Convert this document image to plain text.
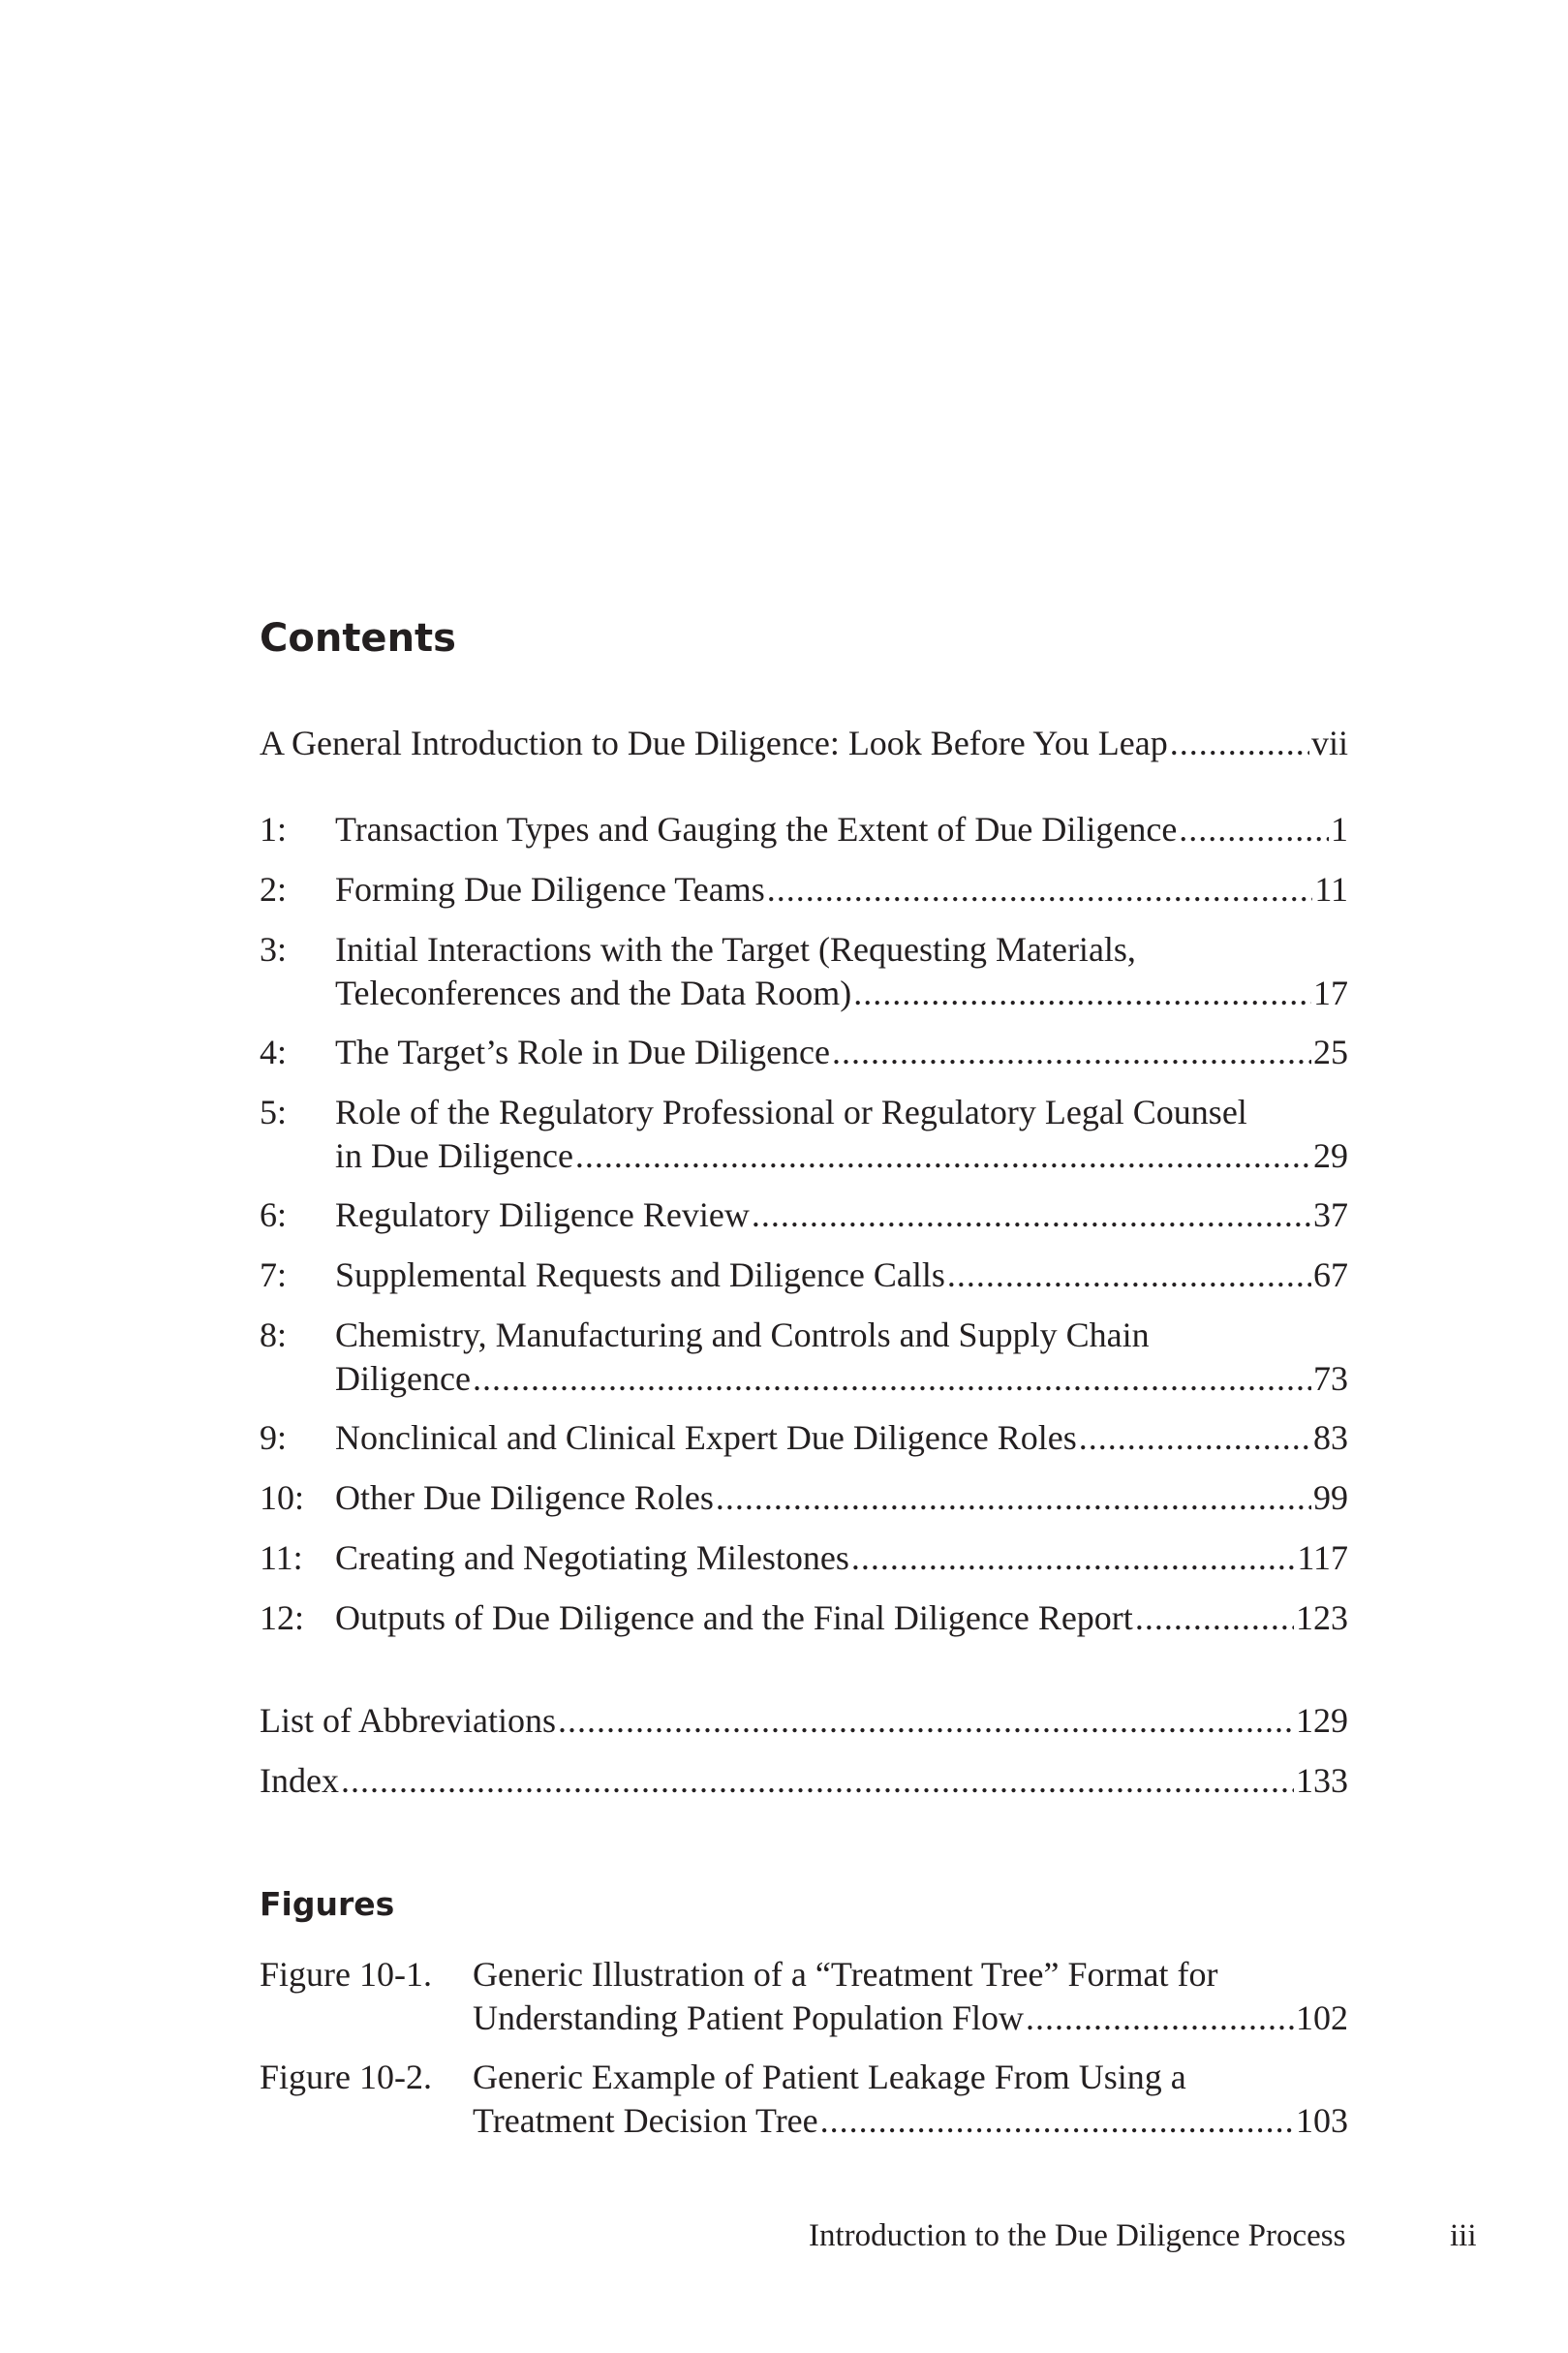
Contents
A General Introduction to Due Diligence: Look Before You Leap .....	vii
1:	Transaction Types and Gauging the Extent of Due Diligence .....	1
2:	Forming Due Diligence Teams .....	11
3:	Initial Interactions with the Target (Requesting Materials,
Teleconferences and the Data Room) .....	17
4:	The Target’s Role in Due Diligence .....	25
5:	Role of the Regulatory Professional or Regulatory Legal Counsel
in Due Diligence .....	29
6:	Regulatory Diligence Review .....	37
7:	Supplemental Requests and Diligence Calls .....	67
8:	Chemistry, Manufacturing and Controls and Supply Chain
Diligence .....	73
9:	Nonclinical and Clinical Expert Due Diligence Roles .....	83
10: Other Due Diligence Roles .....	99
11: Creating and Negotiating Milestones .....	117
12: Outputs of Due Diligence and the Final Diligence Report .....	123
List of Abbreviations .....	129
Index .....	133
Figure 10-1.	Generic Illustration of a “Treatment Tree” Format for
Understanding Patient Population Flow .....	102
Figure 10-2.	Generic Example of Patient Leakage From Using a
Treatment Decision Tree .....	103
Figures
Introduction to the Due Diligence Process	iii
